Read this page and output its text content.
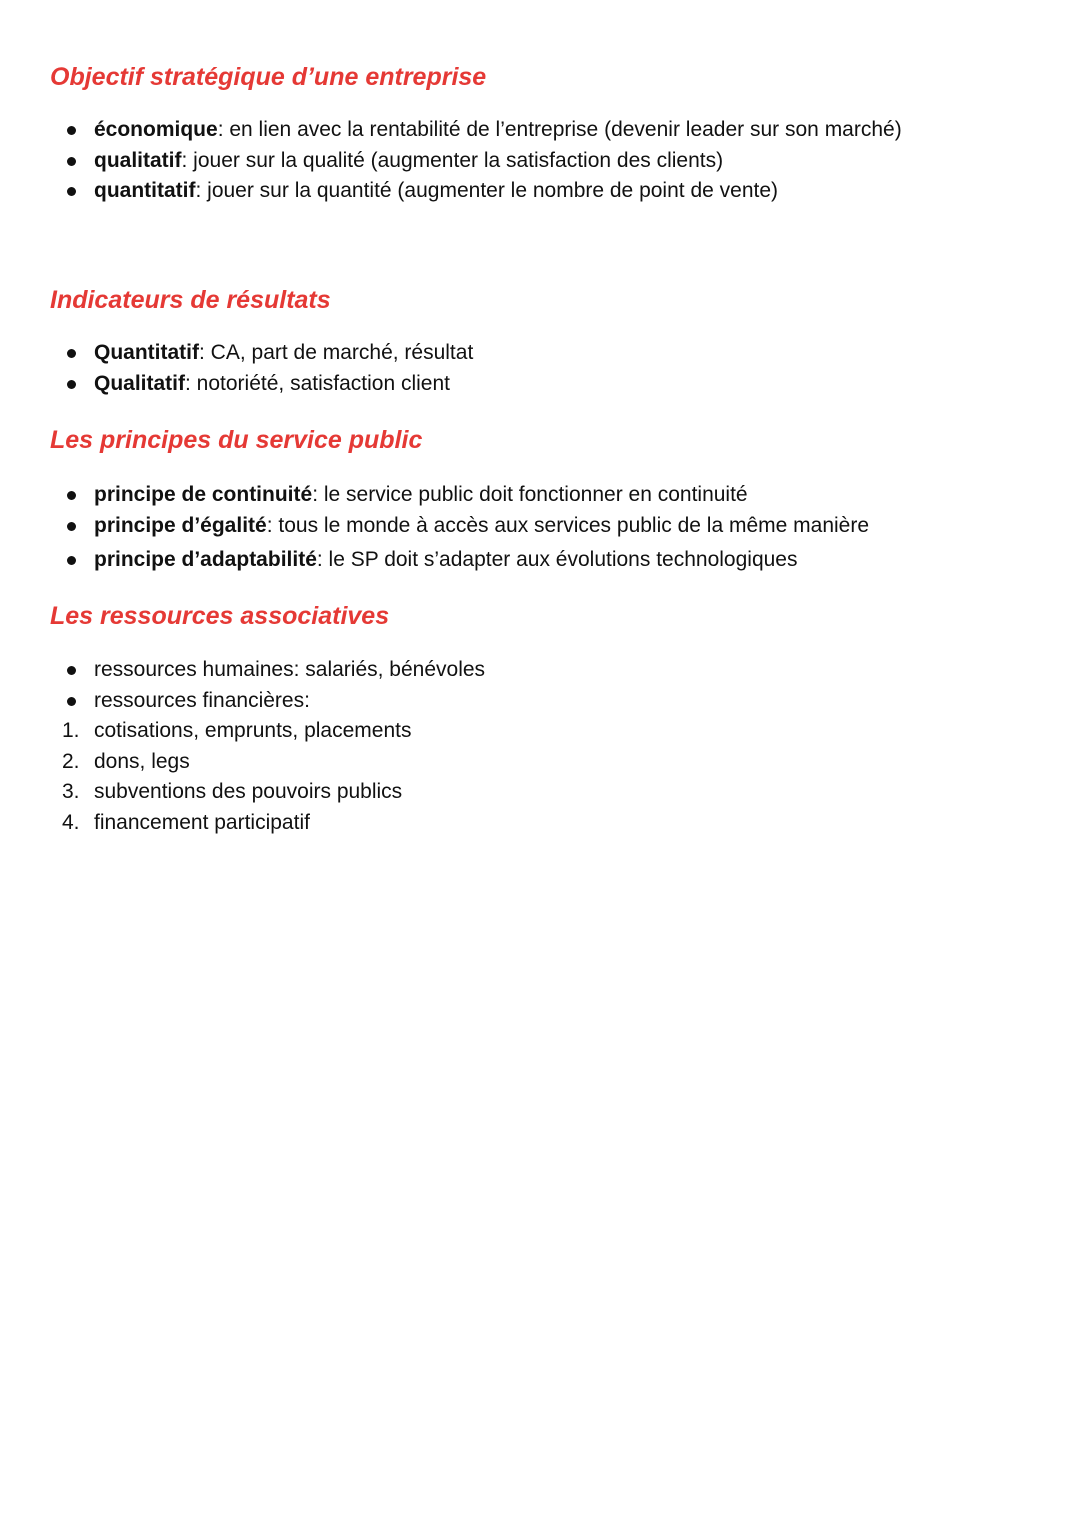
Objectif stratégique d’une entreprise
économique: en lien avec la rentabilité de l’entreprise (devenir leader sur son marché)
qualitatif: jouer sur la qualité (augmenter la satisfaction des clients)
quantitatif: jouer sur la quantité (augmenter le nombre de point de vente)
Indicateurs de résultats
Quantitatif: CA, part de marché, résultat
Qualitatif: notoriété, satisfaction client
Les principes du service public
principe de continuité: le service public doit fonctionner en continuité
principe d’égalité: tous le monde à accès aux services public de la même manière
principe d’adaptabilité: le SP doit s’adapter aux évolutions technologiques
Les ressources associatives
ressources humaines: salariés, bénévoles
ressources financières:
1. cotisations, emprunts, placements
2. dons, legs
3. subventions des pouvoirs publics
4. financement participatif
